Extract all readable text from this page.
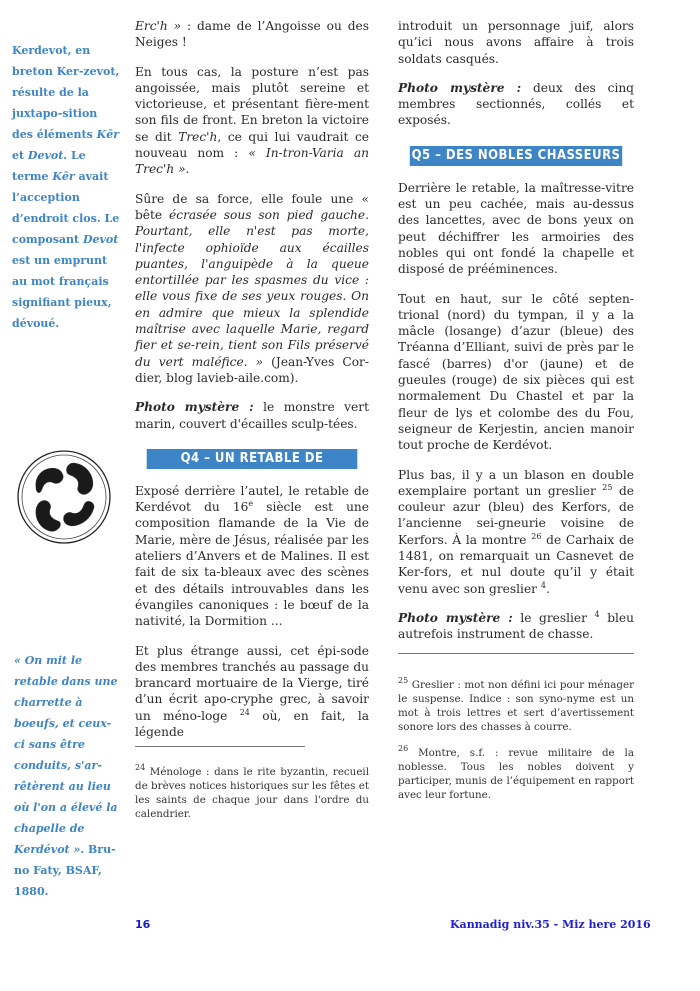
Kerdevot, en breton Ker-zevot, résulte de la juxtapo-sition des éléments Kēr et Devot. Le terme Kēr avait l’acception d’endroit clos. Le composant Devot est un emprunt au mot français signifiant pieux, dévoué.
« On mit le retable dans une charrette à boeufs, et ceux-ci sans être conduits, s'ar-rêtèrent au lieu où l'on a élevé la chapelle de Kerdévot ». Bru-no Faty, BSAF, 1880.

Erc'h » : dame de l’Angoisse ou des Neiges !

En tous cas, la posture n’est pas angoissée, mais plutôt sereine et victorieuse, et présentant fière-ment son fils de front. En breton la victoire se dit Trec'h, ce qui lui vaudrait ce nouveau nom : « In-tron-Varia an Trec'h ».

Sûre de sa force, elle foule une « bête écrasée sous son pied gauche. Pourtant, elle n'est pas morte, l'infecte ophioïde aux écailles puantes, l'anguipède à la queue entortillée par les spasmes du vice : elle vous fixe de ses yeux rouges. On en admire que mieux la splendide maîtrise avec laquelle Marie, regard fier et se-rein, tient son Fils préservé du vert maléfice. » (Jean-Yves Cor-dier, blog lavieb-aile.com).

Photo mystère : le monstre vert marin, couvert d'écailles sculp-tées.

Q4 – UN RETABLE DE VIOLENCE

Exposé derrière l’autel, le retable de Kerdévot du 16e siècle est une composition flamande de la Vie de Marie, mère de Jésus, réalisée par les ateliers d’Anvers et de Malines. Il est fait de six ta-bleaux avec des scènes et des détails introuvables dans les évangiles canoniques : le bœuf de la nativité, la Dormition ...

Et plus étrange aussi, cet épi-sode des membres tranchés au passage du brancard mortuaire de la Vierge, tiré d’un écrit apo-cryphe grec, à savoir un méno-loge $^{24}$ où, en fait, la légende

$^{24}$ Ménologe : dans le rite byzantin, recueil de brèves notices historiques sur les fêtes et les saints de chaque jour dans l'ordre du calendrier.

introduit un personnage juif, alors qu’ici nous avons affaire à trois soldats casqués.

Photo mystère : deux des cinq membres sectionnés, collés et exposés.

Q5 – DES NOBLES CHASSEURS

Derrière le retable, la maîtresse-vitre est un peu cachée, mais au-dessus des lancettes, avec de bons yeux on peut déchiffrer les armoiries des nobles qui ont fondé la chapelle et disposé de prééminences.

Tout en haut, sur le côté septen-trional (nord) du tympan, il y a la mâcle (losange) d’azur (bleue) des Tréanna d’Elliant, suivi de près par le fascé (barres) d'or (jaune) et de gueules (rouge) de six pièces qui est normalement Du Chastel et par la fleur de lys et colombe des du Fou, seigneur de Kerjestin, ancien manoir tout proche de Kerdévot.

Plus bas, il y a un blason en double exemplaire portant un greslier $^{25}$ de couleur azur (bleu) des Kerfors, de l’ancienne sei-gneurie voisine de Kerfors. À la montre $^{26}$ de Carhaix de 1481, on remarquait un Casnevet de Ker-fors, et nul doute qu’il y était venu avec son greslier $^4$.

Photo mystère : le greslier $^4$ bleu autrefois instrument de chasse.

$^{25}$ Greslier : mot non défini ici pour ménager le suspense. Indice : son syno-nyme est un mot à trois lettres et sert d’avertissement sonore lors des chasses à courre.

$^{26}$ Montre, s.f. : revue militaire de la noblesse. Tous les nobles doivent y participer, munis de l’équipement en rapport avec leur fortune.

16	Kannadig niv.35 - Miz here 2016
